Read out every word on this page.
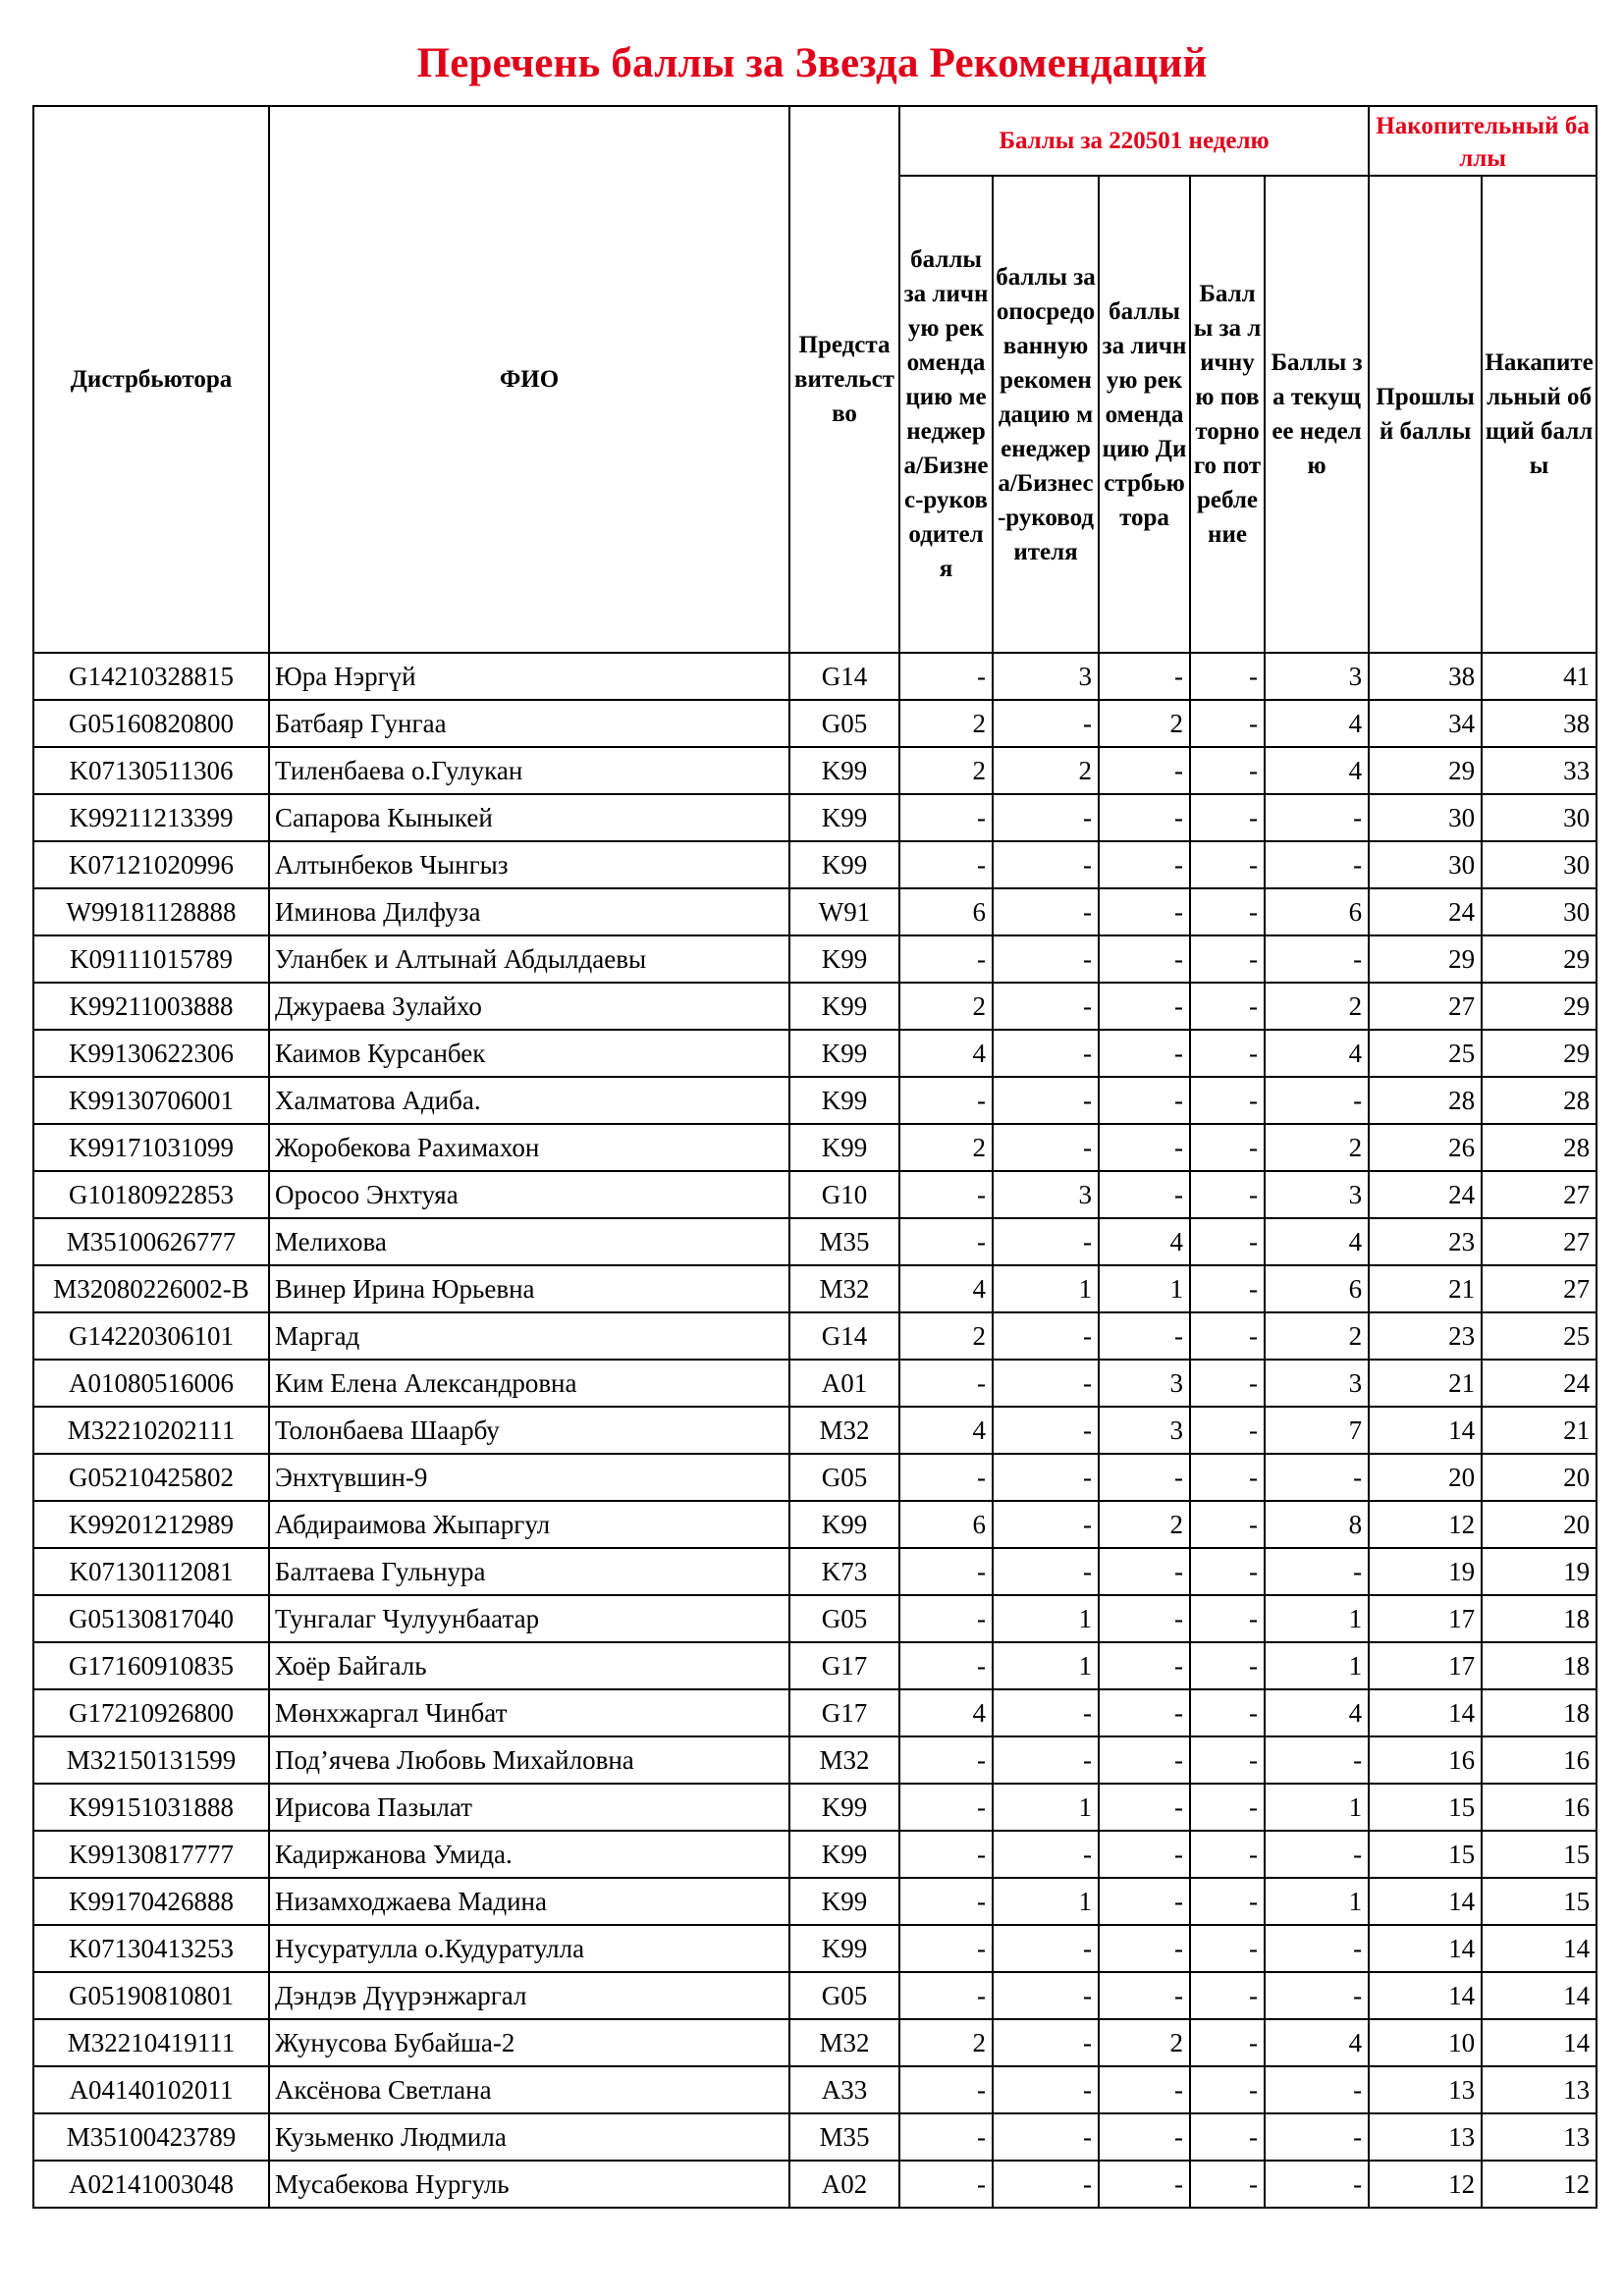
Перечень баллы за Звезда Рекомендаций
Дистрбьютора	ФИО	Представительство	Баллы за 220501 неделю					Накопительный баллы	
			баллы за личную рекомендацию менеджера/Бизнес-руководителя	баллы за опосредованную рекомендацию менеджера/Бизнес-руководителя	баллы за личную рекомендацию Дистрбьютора	Баллы за личную повторного потребление	Баллы за текущее неделю	Прошлый баллы	Накапительный общий баллы
G14210328815	Юра Нэргүй	G14	-	3	-	-	3	38	41
G05160820800	Батбаяр Гунгаа	G05	2	-	2	-	4	34	38
K07130511306	Тиленбаева о.Гулукан	K99	2	2	-	-	4	29	33
K99211213399	Сапарова Кыныкей	K99	-	-	-	-	-	30	30
K07121020996	Алтынбеков Чынгыз	K99	-	-	-	-	-	30	30
W99181128888	Иминова Дилфуза	W91	6	-	-	-	6	24	30
K09111015789	Уланбек и Алтынай Абдылдаевы	K99	-	-	-	-	-	29	29
K99211003888	Джураева Зулайхо	K99	2	-	-	-	2	27	29
K99130622306	Каимов Курсанбек	K99	4	-	-	-	4	25	29
K99130706001	Халматова Адиба.	K99	-	-	-	-	-	28	28
K99171031099	Жоробекова Рахимахон	K99	2	-	-	-	2	26	28
G10180922853	Оросоо Энхтуяа	G10	-	3	-	-	3	24	27
M35100626777	Мелихова	M35	-	-	4	-	4	23	27
M32080226002-B	Винер Ирина Юрьевна	M32	4	1	1	-	6	21	27
G14220306101	Маргад	G14	2	-	-	-	2	23	25
A01080516006	Ким Елена Александровна	A01	-	-	3	-	3	21	24
M32210202111	Толонбаева Шаарбу	M32	4	-	3	-	7	14	21
G05210425802	Энхтүвшин-9	G05	-	-	-	-	-	20	20
K99201212989	Абдираимова Жыпаргул	K99	6	-	2	-	8	12	20
K07130112081	Балтаева Гульнура	K73	-	-	-	-	-	19	19
G05130817040	Тунгалаг Чулуунбаатар	G05	-	1	-	-	1	17	18
G17160910835	Хоёр Байгаль	G17	-	1	-	-	1	17	18
G17210926800	Мөнхжаргал Чинбат	G17	4	-	-	-	4	14	18
M32150131599	Под’ячева Любовь Михайловна	M32	-	-	-	-	-	16	16
K99151031888	Ирисова Пазылат	K99	-	1	-	-	1	15	16
K99130817777	Кадиржанова Умида.	K99	-	-	-	-	-	15	15
K99170426888	Низамходжаева Мадина	K99	-	1	-	-	1	14	15
K07130413253	Нусуратулла о.Кудуратулла	K99	-	-	-	-	-	14	14
G05190810801	Дэндэв Дүүрэнжаргал	G05	-	-	-	-	-	14	14
M32210419111	Жунусова Бубайша-2	M32	2	-	2	-	4	10	14
A04140102011	Аксёнова Светлана	A33	-	-	-	-	-	13	13
M35100423789	Кузьменко Людмила	M35	-	-	-	-	-	13	13
A02141003048	Мусабекова Нургуль	A02	-	-	-	-	-	12	12
